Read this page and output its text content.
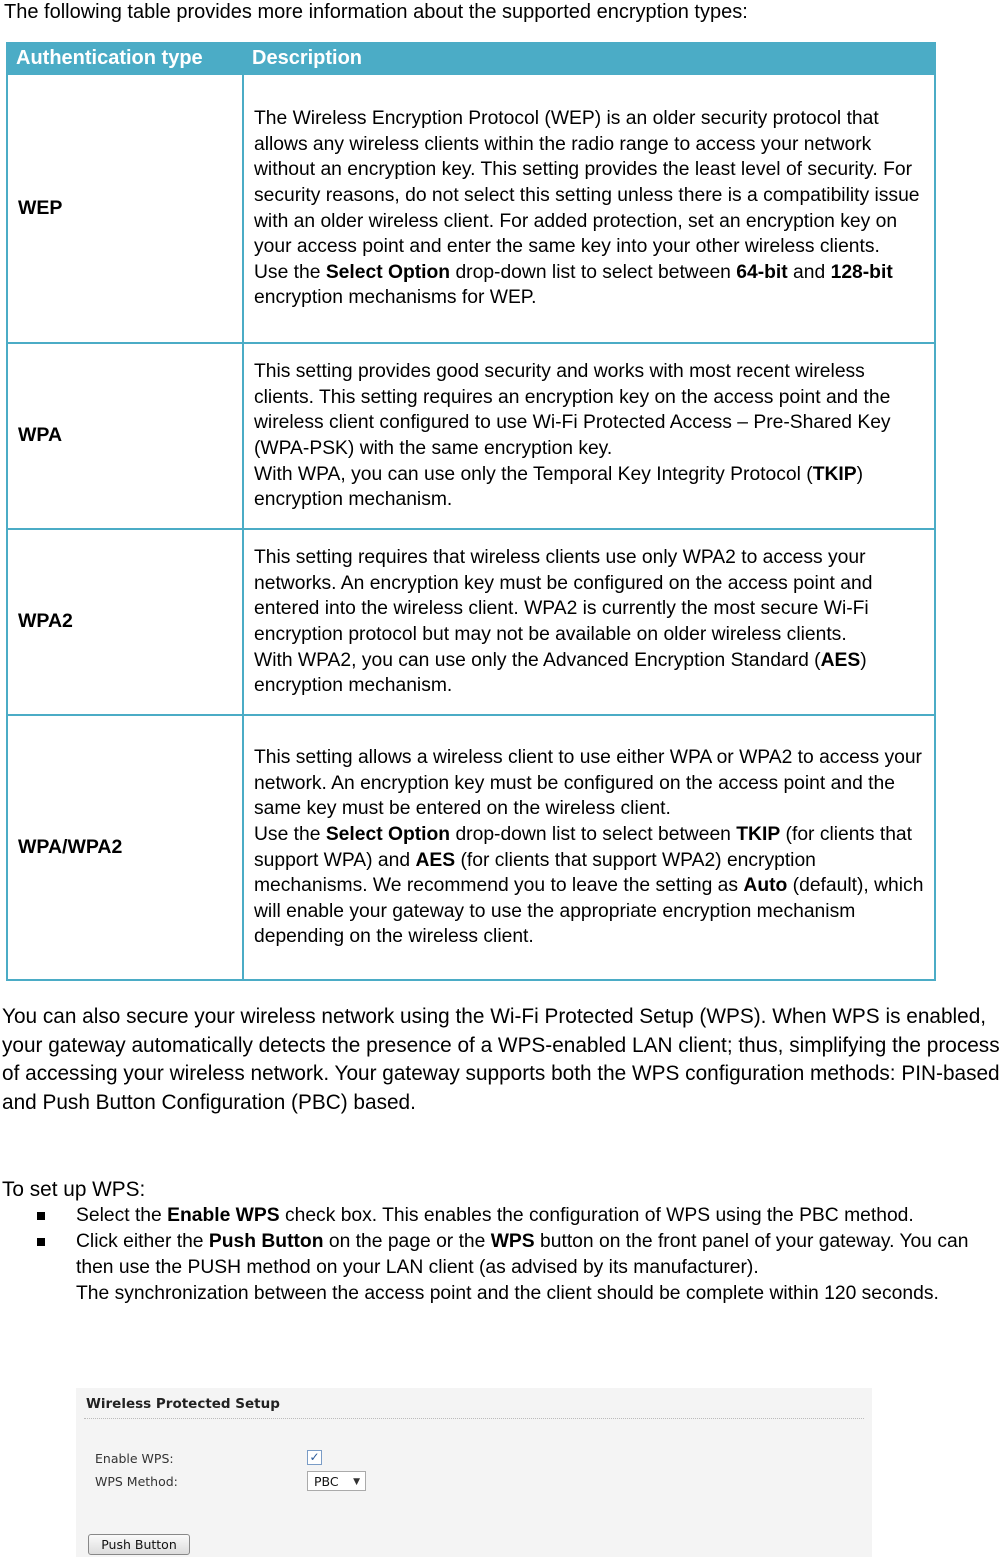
The following table provides more information about the supported encryption types:
Authentication type	Description
WEP	The Wireless Encryption Protocol (WEP) is an older security protocol that allows any wireless clients within the radio range to access your network without an encryption key. This setting provides the least level of security. For security reasons, do not select this setting unless there is a compatibility issue with an older wireless client. For added protection, set an encryption key on your access point and enter the same key into your other wireless clients.

Use the Select Option drop-down list to select between 64-bit and 128-bit encryption mechanisms for WEP.

WPA	This setting provides good security and works with most recent wireless clients. This setting requires an encryption key on the access point and the wireless client configured to use Wi-Fi Protected Access – Pre-Shared Key (WPA-PSK) with the same encryption key.

With WPA, you can use only the Temporal Key Integrity Protocol (TKIP) encryption mechanism.

WPA2	This setting requires that wireless clients use only WPA2 to access your networks. An encryption key must be configured on the access point and entered into the wireless client. WPA2 is currently the most secure Wi-Fi encryption protocol but may not be available on older wireless clients.

With WPA2, you can use only the Advanced Encryption Standard (AES) encryption mechanism.

WPA/WPA2	This setting allows a wireless client to use either WPA or WPA2 to access your network. An encryption key must be configured on the access point and the same key must be entered on the wireless client.

Use the Select Option drop-down list to select between TKIP (for clients that support WPA) and AES (for clients that support WPA2) encryption mechanisms. We recommend you to leave the setting as Auto (default), which will enable your gateway to use the appropriate encryption mechanism depending on the wireless client.

You can also secure your wireless network using the Wi-Fi Protected Setup (WPS). When WPS is enabled, your gateway automatically detects the presence of a WPS-enabled LAN client; thus, simplifying the process of accessing your wireless network. Your gateway supports both the WPS configuration methods: PIN-based and Push Button Configuration (PBC) based.

To set up WPS:
Select the Enable WPS check box. This enables the configuration of WPS using the PBC method.
Click either the Push Button on the page or the WPS button on the front panel of your gateway. You can then use the PUSH method on your LAN client (as advised by its manufacturer).
The synchronization between the access point and the client should be complete within 120 seconds.
Wireless Protected Setup
Enable WPS:	✓
WPS Method:	PBC ▼
Push Button
